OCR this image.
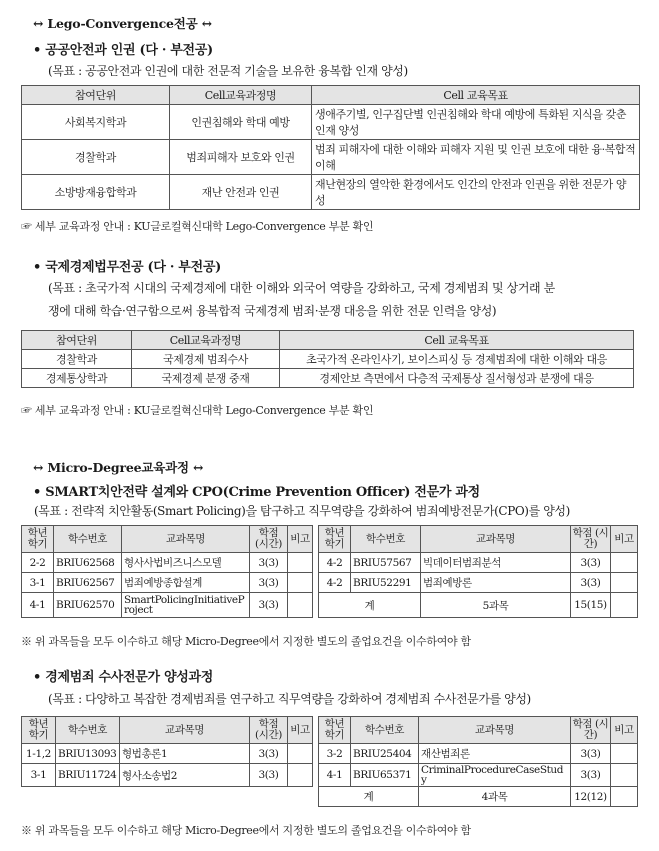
↔ Lego-Convergence전공 ↔
• 공공안전과 인권 (다 · 부전공)
(목표 : 공공안전과 인권에 대한 전문적 기술을 보유한 융복합 인재 양성)
참여단위	Cell교육과정명	Cell 교육목표
사회복지학과	인권침해와 학대 예방	생애주기별, 인구집단별 인권침해와 학대 예방에 특화된 지식을 갖춘 인재 양성
경찰학과	범죄피해자 보호와 인권	범죄 피해자에 대한 이해와 피해자 지원 및 인권 보호에 대한 융·복합적 이해
소방방재융합학과	재난 안전과 인권	재난현장의 열악한 환경에서도 인간의 안전과 인권을 위한 전문가 양성
☞ 세부 교육과정 안내 : KU글로컬혁신대학 Lego-Convergence 부분 확인
• 국제경제법무전공 (다 · 부전공)
(목표 : 초국가적 시대의 국제경제에 대한 이해와 외국어 역량을 강화하고, 국제 경제범죄 및 상거래 분
쟁에 대해 학습·연구함으로써 융복합적 국제경제 범죄·분쟁 대응을 위한 전문 인력을 양성)
참여단위	Cell교육과정명	Cell 교육목표
경찰학과	국제경제 범죄수사	초국가적 온라인사기, 보이스피싱 등 경제범죄에 대한 이해와 대응
경제통상학과	국제경제 분쟁 중재	경제안보 측면에서 다층적 국제통상 질서형성과 분쟁에 대응
☞ 세부 교육과정 안내 : KU글로컬혁신대학 Lego-Convergence 부분 확인
↔ Micro-Degree교육과정 ↔
• SMART치안전략 설계와 CPO(Crime Prevention Officer) 전문가 과정
(목표 : 전략적 치안활동(Smart Policing)을 탐구하고 직무역량을 강화하여 범죄예방전문가(CPO)를 양성)
학년 학기	학수번호	교과목명	학점 (시간)	비고
2-2	BRIU62568	형사사법비즈니스모델	3(3)	
3-1	BRIU62567	범죄예방종합설계	3(3)	
4-1	BRIU62570	SmartPolicingInitiativeProject	3(3)	
학년 학기	학수번호	교과목명	학점 (시간)	비고
4-2	BRIU57567	빅데이터범죄분석	3(3)	
4-2	BRIU52291	범죄예방론	3(3)	
계		5과목	15(15)	
※ 위 과목들을 모두 이수하고 해당 Micro-Degree에서 지정한 별도의 졸업요건을 이수하여야 함
• 경제범죄 수사전문가 양성과정
(목표 : 다양하고 복잡한 경제범죄를 연구하고 직무역량을 강화하여 경제범죄 수사전문가를 양성)
학년 학기	학수번호	교과목명	학점 (시간)	비고
1-1,2	BRIU13093	형법총론1	3(3)	
3-1	BRIU11724	형사소송법2	3(3)	
학년 학기	학수번호	교과목명	학점 (시간)	비고
3-2	BRIU25404	재산범죄론	3(3)	
4-1	BRIU65371	CriminalProcedureCaseStudy	3(3)	
계		4과목	12(12)	
※ 위 과목들을 모두 이수하고 해당 Micro-Degree에서 지정한 별도의 졸업요건을 이수하여야 함
